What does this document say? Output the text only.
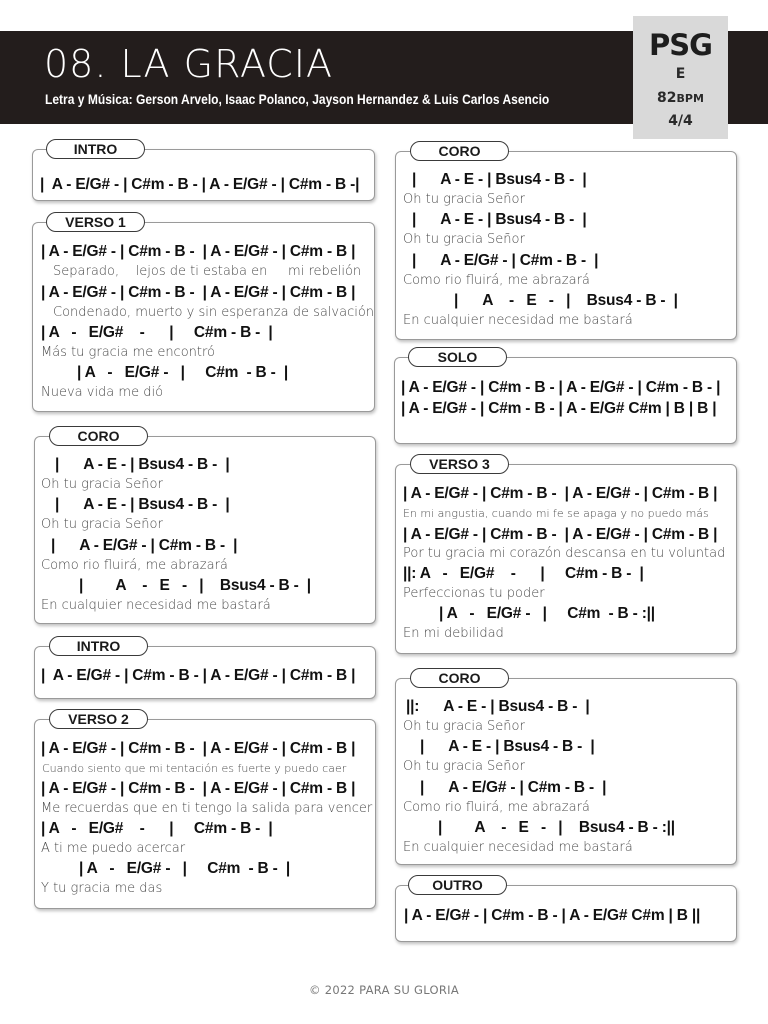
08. LA GRACIA
Letra y Música: Gerson Arvelo, Isaac Polanco, Jayson Hernandez & Luis Carlos Asencio
PSG
E
82BPM
4/4
|  A - E/G# - | C#m - B - | A - E/G# - | C#m - B -|
INTRO
| A - E/G# - | C#m - B -  | A - E/G# - | C#m - B |
Separado,    lejos de ti estaba en     mi rebelión
| A - E/G# - | C#m - B -  | A - E/G# - | C#m - B |
Condenado, muerto y sin esperanza de salvación
| A   -   E/G#    -      |     C#m - B -  |
Más tu gracia me encontró
| A   -   E/G# -   |     C#m  - B -  |
Nueva vida me dió
VERSO 1
|      A - E - | Bsus4 - B -  |
Oh tu gracia Señor
|      A - E - | Bsus4 - B -  |
Oh tu gracia Señor
|      A - E/G# - | C#m - B -  |
Como rio fluirá, me abrazará
|        A    -   E   -   |    Bsus4 - B -  |
En cualquier necesidad me bastará
CORO
|  A - E/G# - | C#m - B - | A - E/G# - | C#m - B |
INTRO
| A - E/G# - | C#m - B -  | A - E/G# - | C#m - B |
Cuando siento que mi tentación es fuerte y puedo caer
| A - E/G# - | C#m - B -  | A - E/G# - | C#m - B |
Me recuerdas que en ti tengo la salida para vencer
| A   -   E/G#    -      |     C#m - B -  |
A ti me puedo acercar
| A   -   E/G# -   |     C#m  - B -  |
Y tu gracia me das
VERSO 2
|      A - E - | Bsus4 - B -  |
Oh tu gracia Señor
|      A - E - | Bsus4 - B -  |
Oh tu gracia Señor
|      A - E/G# - | C#m - B -  |
Como rio fluirá, me abrazará
|      A    -   E   -   |    Bsus4 - B -  |
En cualquier necesidad me bastará
CORO
| A - E/G# - | C#m - B - | A - E/G# - | C#m - B - |
| A - E/G# - | C#m - B - | A - E/G# C#m | B | B |
SOLO
| A - E/G# - | C#m - B -  | A - E/G# - | C#m - B |
En mi angustia, cuando mi fe se apaga y no puedo más
| A - E/G# - | C#m - B -  | A - E/G# - | C#m - B |
Por tu gracia mi corazón descansa en tu voluntad
||: A   -   E/G#    -      |     C#m - B -  |
Perfeccionas tu poder
| A   -   E/G# -   |     C#m  - B - :||
En mi debilidad
VERSO 3
||:      A - E - | Bsus4 - B -  |
Oh tu gracia Señor
|      A - E - | Bsus4 - B -  |
Oh tu gracia Señor
|      A - E/G# - | C#m - B -  |
Como rio fluirá, me abrazará
|        A    -   E   -   |    Bsus4 - B - :||
En cualquier necesidad me bastará
CORO
| A - E/G# - | C#m - B - | A - E/G# C#m | B ||
OUTRO
© 2022 PARA SU GLORIA
